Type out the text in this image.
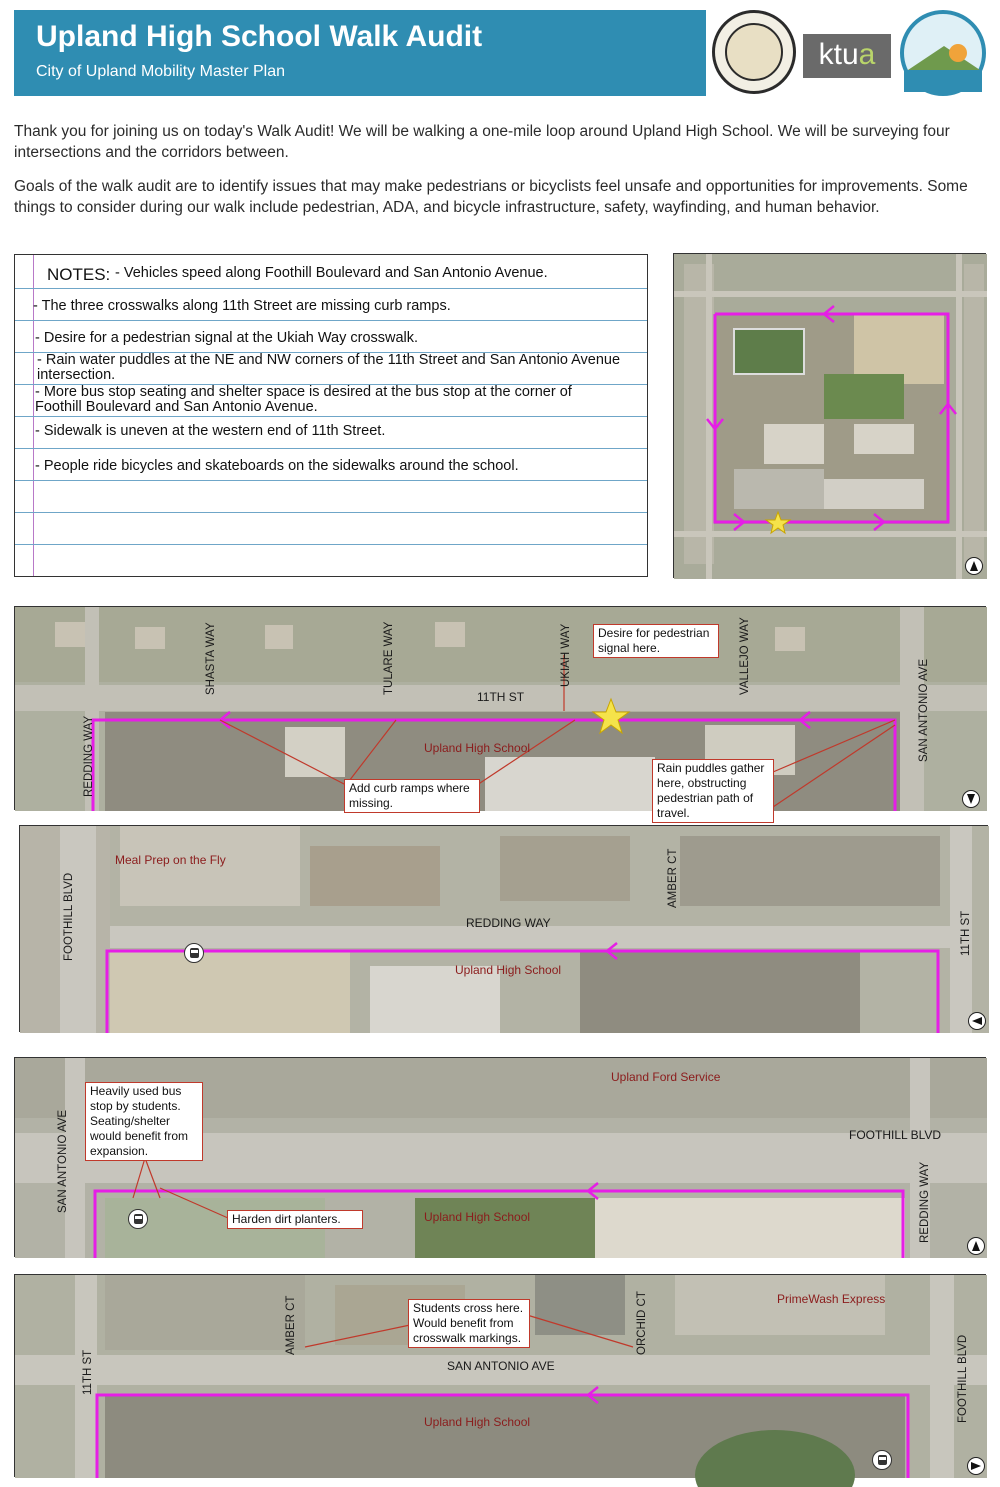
Upland High School Walk Audit
City of Upland Mobility Master Plan
ktua

Thank you for joining us on today's Walk Audit! We will be walking a one-mile loop around Upland High School. We will be surveying four intersections and the corridors between.

Goals of the walk audit are to identify issues that may make pedestrians or bicyclists feel unsafe and opportunities for improvements. Some things to consider during our walk include pedestrian, ADA, and bicycle infrastructure, safety, wayfinding, and human behavior.

NOTES: - Vehicles speed along Foothill Boulevard and San Antonio Avenue.
- The three crosswalks along 11th Street are missing curb ramps.
- Desire for a pedestrian signal at the Ukiah Way crosswalk.
- Rain water puddles at the NE and NW corners of the 11th Street and San Antonio Avenue
intersection.
- More bus stop seating and shelter space is desired at the bus stop at the corner of
Foothill Boulevard and San Antonio Avenue.
- Sidewalk is uneven at the western end of 11th Street.
- People ride bicycles and skateboards on the sidewalks around the school.
REDDING WAY
SHASTA WAY	TULARE WAY	UKIAH WAY	VALLEJO WAY
SAN ANTONIO AVE
11TH ST
Upland High School
Desire for pedestrian signal here.
Add curb ramps where missing.
Rain puddles gather here, obstructing pedestrian path of travel.
FOOTHILL BLVD	AMBER CT
11TH ST
REDDING WAY
Meal Prep on the Fly
Upland High School
SAN ANTONIO AVE	REDDING WAY
FOOTHILL BLVD
Upland Ford Service
Upland High School
Heavily used bus stop by students. Seating/shelter would benefit from expansion.
Harden dirt planters.
11TH ST
AMBER CT	ORCHID CT
FOOTHILL BLVD
SAN ANTONIO AVE
PrimeWash Express
Upland High School
Students cross here. Would benefit from crosswalk markings.
